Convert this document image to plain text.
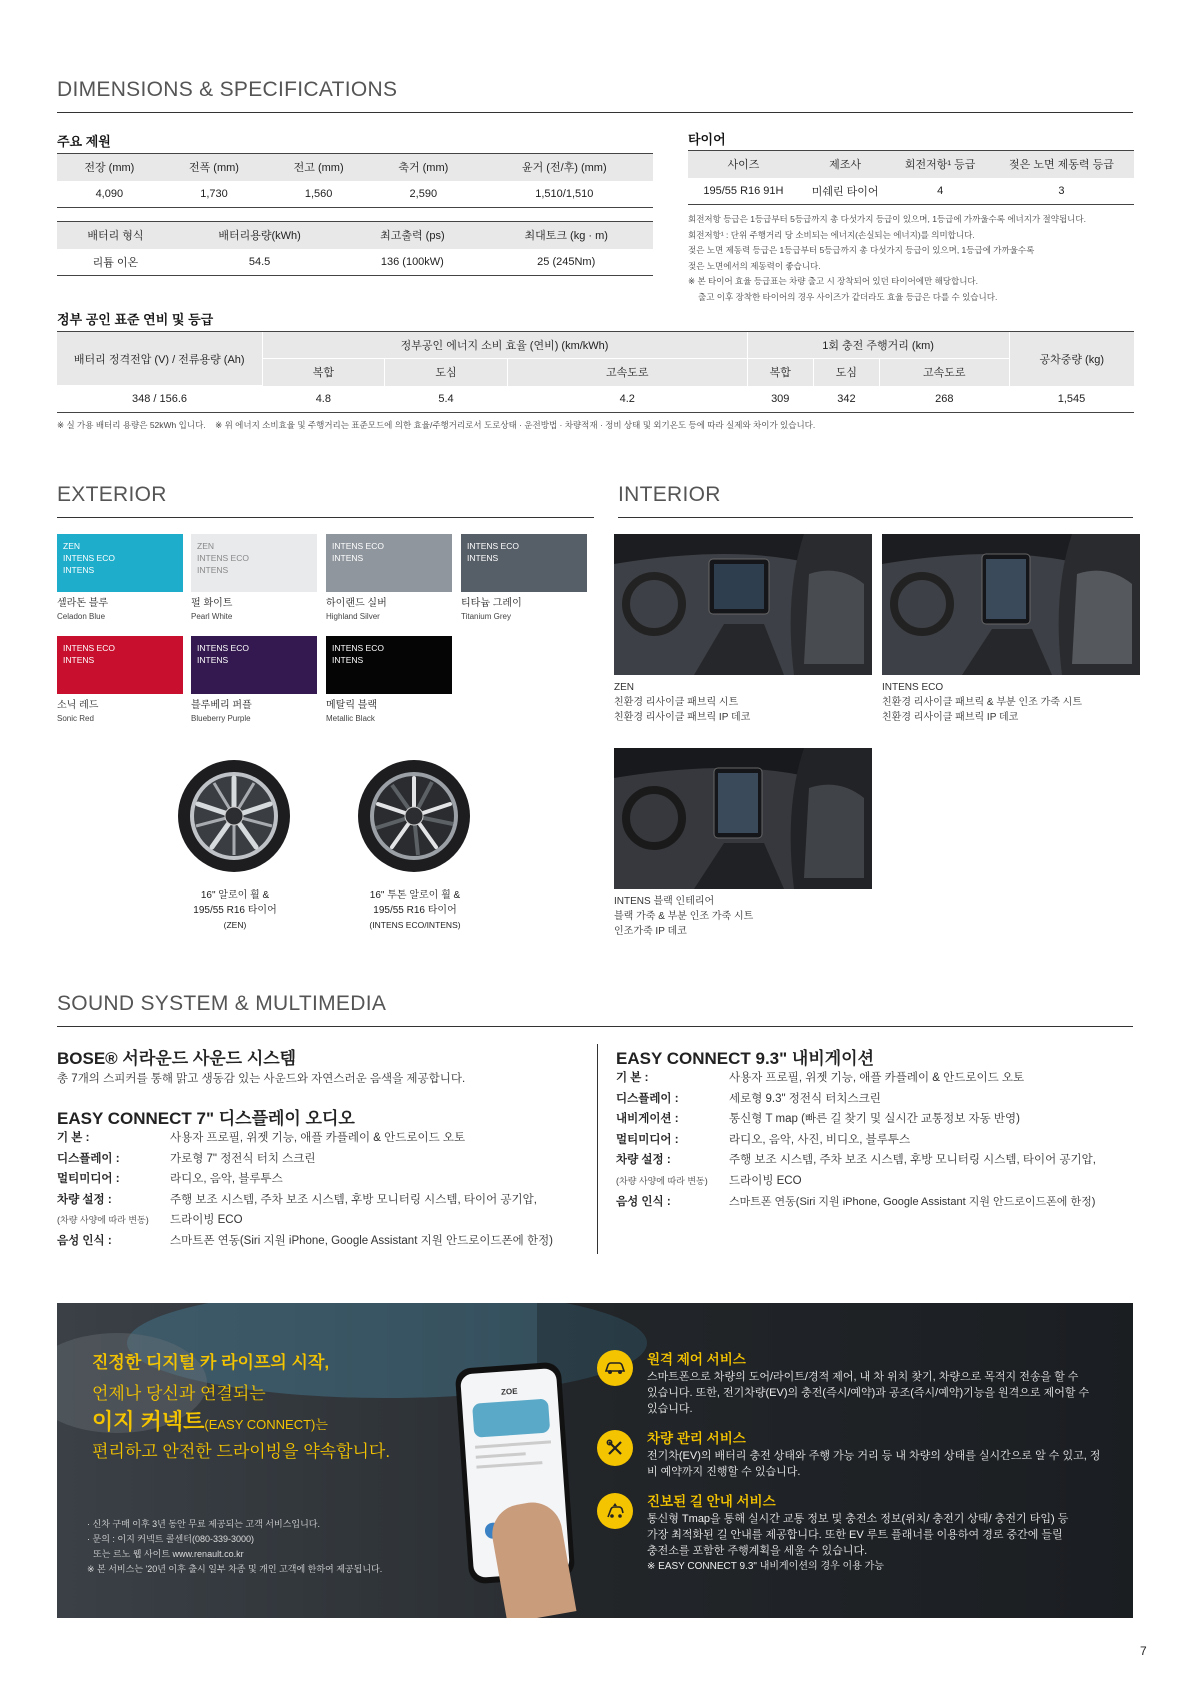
DIMENSIONS & SPECIFICATIONS
주요 제원
전장 (mm)	전폭 (mm)	전고 (mm)	축거 (mm)	윤거 (전/후) (mm)
4,090	1,730	1,560	2,590	1,510/1,510
배터리 형식	배터리용량(kWh)	최고출력 (ps)	최대토크 (kg · m)
리튬 이온	54.5	136 (100kW)	25 (245Nm)
타이어
사이즈	제조사	회전저항¹ 등급	젖은 노면 제동력 등급
195/55 R16 91H	미쉐린 타이어	4	3
회전저항 등급은 1등급부터 5등급까지 총 다섯가지 등급이 있으며, 1등급에 가까울수록 에너지가 절약됩니다.
회전저항¹ : 단위 주행거리 당 소비되는 에너지(손실되는 에너지)를 의미합니다.
젖은 노면 제동력 등급은 1등급부터 5등급까지 총 다섯가지 등급이 있으며, 1등급에 가까울수록
젖은 노면에서의 제동력이 좋습니다.
※ 본 타이어 효율 등급표는 차량 출고 시 장착되어 있던 타이어에만 해당합니다.
출고 이후 장착한 타이어의 경우 사이즈가 같더라도 효율 등급은 다를 수 있습니다.
정부 공인 표준 연비 및 등급
배터리 정격전압 (V) / 전류용량 (Ah)	정부공인 에너지 소비 효율 (연비) (km/kWh)			1회 충전 주행거리 (km)			공차중량 (kg)
	복합	도심	고속도로	복합	도심	고속도로	
348 / 156.6	4.8	5.4	4.2	309	342	268	1,545
※ 실 가용 배터리 용량은 52kWh 입니다.    ※ 위 에너지 소비효율 및 주행거리는 표준모드에 의한 효율/주행거리로서 도로상태 · 운전방법 · 차량적재 · 정비 상태 및 외기온도 등에 따라 실제와 차이가 있습니다.
EXTERIOR
ZEN
INTENS ECO
INTENS
셀라돈 블루
Celadon Blue
ZEN
INTENS ECO
INTENS
펄 화이트
Pearl White
INTENS ECO
INTENS
하이랜드 실버
Highland Silver
INTENS ECO
INTENS
티타늄 그레이
Titanium Grey
INTENS ECO
INTENS
소닉 레드
Sonic Red
INTENS ECO
INTENS
블루베리 퍼플
Blueberry Purple
INTENS ECO
INTENS
메탈릭 블랙
Metallic Black
16" 알로이 휠 &
195/55 R16 타이어
(ZEN)
16" 투톤 알로이 휠 &
195/55 R16 타이어
(INTENS ECO/INTENS)
INTERIOR
ZEN
친환경 리사이클 패브릭 시트
친환경 리사이클 패브릭 IP 데코
INTENS ECO
친환경 리사이클 패브릭 & 부분 인조 가죽 시트
친환경 리사이클 패브릭 IP 데코
INTENS 블랙 인테리어
블랙 가죽 & 부분 인조 가죽 시트
인조가죽 IP 데코
SOUND SYSTEM & MULTIMEDIA
BOSE® 서라운드 사운드 시스템
총 7개의 스피커를 통해 맑고 생동감 있는 사운드와 자연스러운 음색을 제공합니다.
EASY CONNECT 7" 디스플레이 오디오
기 본 :	사용자 프로필, 위젯 기능, 애플 카플레이 & 안드로이드 오토
디스플레이 :	가로형 7" 정전식 터치 스크린
멀티미디어 :	라디오, 음악, 블루투스
차량 설정 :	주행 보조 시스템, 주차 보조 시스템, 후방 모니터링 시스템, 타이어 공기압,
(차량 사양에 따라 변동)	드라이빙 ECO
음성 인식 :	스마트폰 연동(Siri 지원 iPhone, Google Assistant 지원 안드로이드폰에 한정)
EASY CONNECT 9.3" 내비게이션
기 본 :	사용자 프로필, 위젯 기능, 애플 카플레이 & 안드로이드 오토
디스플레이 :	세로형 9.3" 정전식 터치스크린
내비게이션 :	통신형 T map (빠른 길 찾기 및 실시간 교통정보 자동 반영)
멀티미디어 :	라디오, 음악, 사진, 비디오, 블루투스
차량 설정 :	주행 보조 시스템, 주차 보조 시스템, 후방 모니터링 시스템, 타이어 공기압,
(차량 사양에 따라 변동)	드라이빙 ECO
음성 인식 :	스마트폰 연동(Siri 지원 iPhone, Google Assistant 지원 안드로이드폰에 한정)
진정한 디지털 카 라이프의 시작,
언제나 당신과 연결되는
이지 커넥트(EASY CONNECT)는
편리하고 안전한 드라이빙을 약속합니다.
ZOE
· 신차 구매 이후 3년 동안 무료 제공되는 고객 서비스입니다.
· 문의 : 이지 커넥트 콜센터(080-339-3000)
또는 르노 웹 사이트 www.renault.co.kr
※ 본 서비스는 '20년 이후 출시 일부 차종 및 개인 고객에 한하여 제공됩니다.
원격 제어 서비스
스마트폰으로 차량의 도어/라이트/경적 제어, 내 차 위치 찾기, 차량으로 목적지 전송을 할 수
있습니다. 또한, 전기차량(EV)의 충전(즉시/예약)과 공조(즉시/예약)기능을 원격으로 제어할 수
있습니다.
차량 관리 서비스
전기차(EV)의 배터리 충전 상태와 주행 가능 거리 등 내 차량의 상태를 실시간으로 알 수 있고, 정
비 예약까지 진행할 수 있습니다.
진보된 길 안내 서비스
통신형 Tmap을 통해 실시간 교통 정보 및 충전소 정보(위치/ 충전기 상태/ 충전기 타입) 등
가장 최적화된 길 안내를 제공합니다. 또한 EV 루트 플래너를 이용하여 경로 중간에 들릴
충전소를 포함한 주행계획을 세울 수 있습니다.
※ EASY CONNECT 9.3" 내비게이션의 경우 이용 가능
7
